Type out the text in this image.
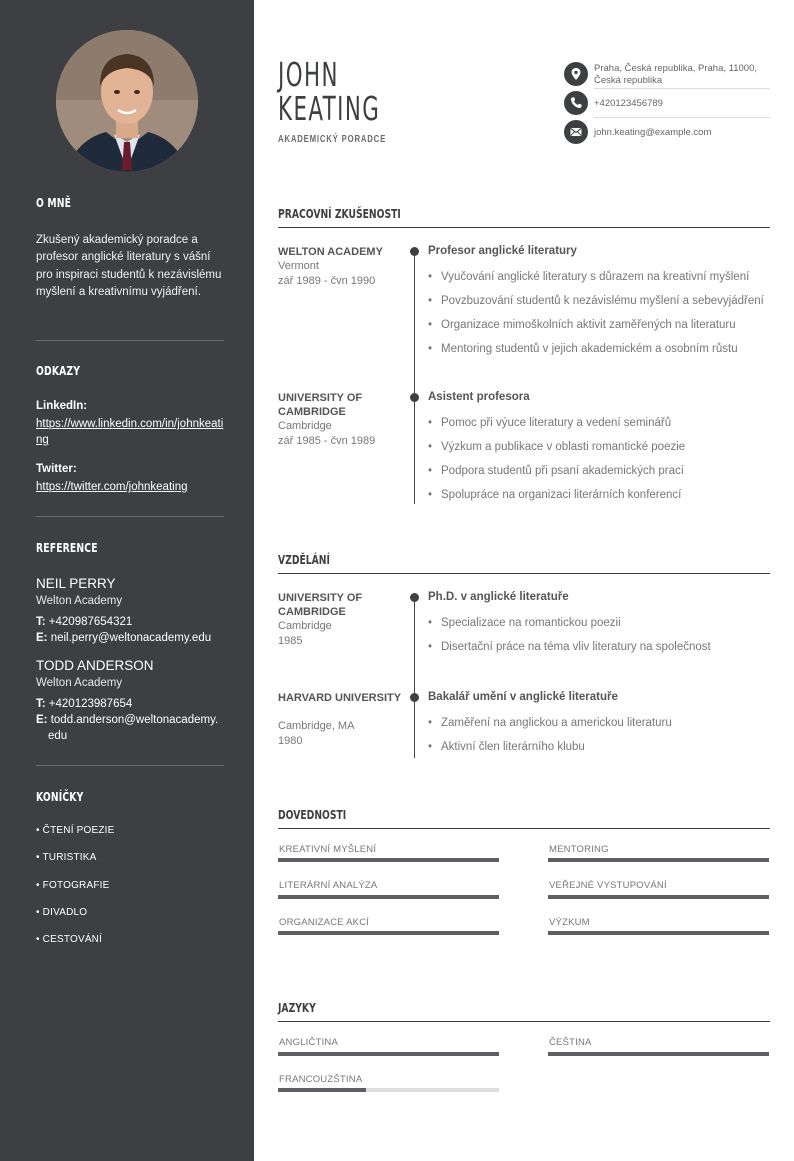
O MNĚ
Zkušený akademický poradce a profesor anglické literatury s vášní pro inspiraci studentů k nezávislému myšlení a kreativnímu vyjádření.
ODKAZY
LinkedIn:
https://www.linkedin.com/in/johnkeating
Twitter:
https://twitter.com/johnkeating
REFERENCE
NEIL PERRY
Welton Academy
T: +420987654321
E: neil.perry@weltonacademy.edu
TODD ANDERSON
Welton Academy
T: +420123987654
E: todd.anderson@weltonacademy.edu
KONÍČKY
• ČTENÍ POEZIE
• TURISTIKA
• FOTOGRAFIE
• DIVADLO
• CESTOVÁNÍ
JOHN
KEATING
AKADEMICKÝ PORADCE
Praha, Česká republika, Praha, 11000, Česká republika
+420123456789
john.keating@example.com
PRACOVNÍ ZKUŠENOSTI
WELTON ACADEMY
Vermont
zář 1989 - čvn 1990
Profesor anglické literatury
• Vyučování anglické literatury s důrazem na kreativní myšlení
• Povzbuzování studentů k nezávislému myšlení a sebevyjádření
• Organizace mimoškolních aktivit zaměřených na literaturu
• Mentoring studentů v jejich akademickém a osobním růstu
UNIVERSITY OF CAMBRIDGE
Cambridge
zář 1985 - čvn 1989
Asistent profesora
• Pomoc při výuce literatury a vedení seminářů
• Výzkum a publikace v oblasti romantické poezie
• Podpora studentů při psaní akademických prací
• Spolupráce na organizaci literárních konferencí
VZDĚLÁNÍ
UNIVERSITY OF CAMBRIDGE
Cambridge
1985
Ph.D. v anglické literatuře
• Specializace na romantickou poezii
• Disertační práce na téma vliv literatury na společnost
HARVARD UNIVERSITY
Cambridge, MA
1980
Bakalář umění v anglické literatuře
• Zaměření na anglickou a americkou literaturu
• Aktivní člen literárního klubu
DOVEDNOSTI
KREATIVNÍ MYŠLENÍ	MENTORING
LITERÁRNÍ ANALÝZA	VEŘEJNÉ VYSTUPOVÁNÍ
ORGANIZACE AKCÍ	VÝZKUM
JAZYKY
ANGLIČTINA	ČEŠTINA
FRANCOUZŠTINA
